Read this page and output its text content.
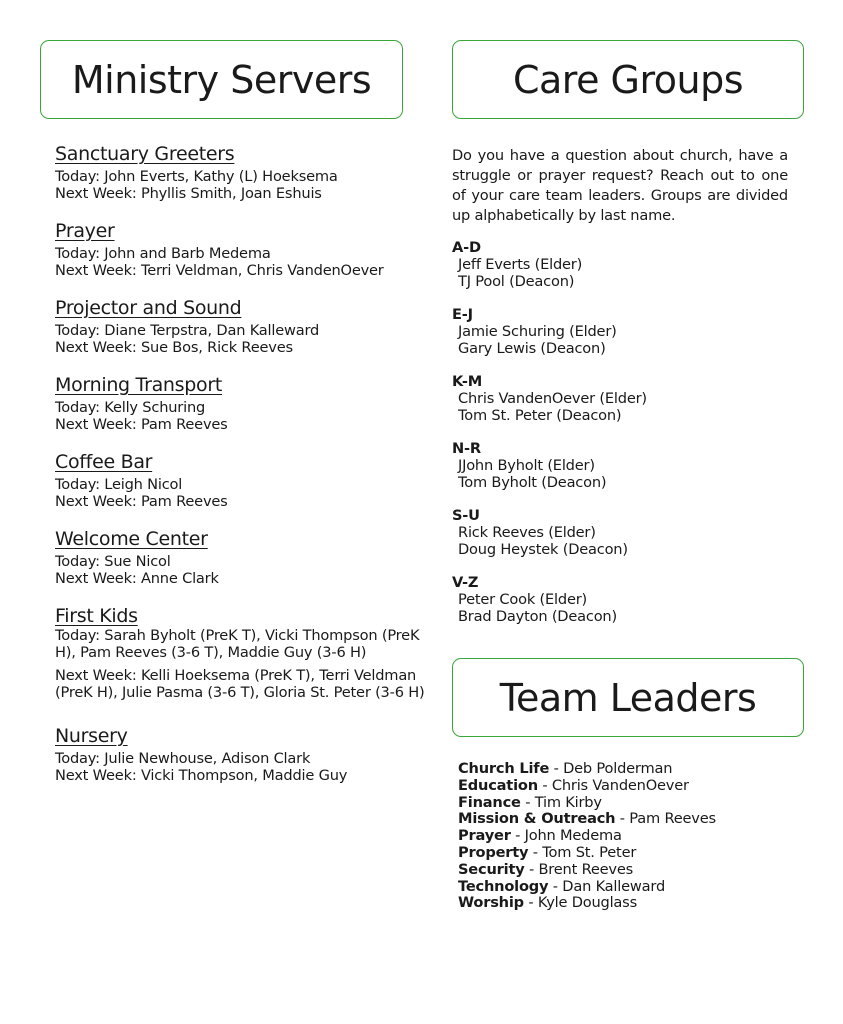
Ministry Servers	Care Groups
Team Leaders
Sanctuary Greeters
Today: John Everts, Kathy (L) Hoeksema
Next Week: Phyllis Smith, Joan Eshuis
Prayer
Today: John and Barb Medema
Next Week: Terri Veldman, Chris VandenOever
Projector and Sound
Today: Diane Terpstra, Dan Kalleward
Next Week: Sue Bos, Rick Reeves
Morning Transport
Today: Kelly Schuring
Next Week: Pam Reeves
Coffee Bar
Today: Leigh Nicol
Next Week: Pam Reeves
Welcome Center
Today: Sue Nicol
Next Week: Anne Clark
First Kids
Today: Sarah Byholt (PreK T), Vicki Thompson (PreK H), Pam Reeves (3-6 T), Maddie Guy (3-6 H)
Next Week: Kelli Hoeksema (PreK T), Terri Veldman (PreK H), Julie Pasma (3-6 T), Gloria St. Peter (3-6 H)
Nursery
Today: Julie Newhouse, Adison Clark
Next Week: Vicki Thompson, Maddie Guy
Do you have a question about church, have a struggle or prayer request? Reach out to one of your care team leaders. Groups are divided up alphabetically by last name.
A-D
Jeff Everts (Elder)
TJ Pool (Deacon)
E-J
Jamie Schuring (Elder)
Gary Lewis (Deacon)
K-M
Chris VandenOever (Elder)
Tom St. Peter (Deacon)
N-R
JJohn Byholt (Elder)
Tom Byholt (Deacon)
S-U
Rick Reeves (Elder)
Doug Heystek (Deacon)
V-Z
Peter Cook (Elder)
Brad Dayton (Deacon)
Church Life - Deb Polderman
Education - Chris VandenOever
Finance - Tim Kirby
Mission & Outreach - Pam Reeves
Prayer - John Medema
Property - Tom St. Peter
Security - Brent Reeves
Technology - Dan Kalleward
Worship - Kyle Douglass
